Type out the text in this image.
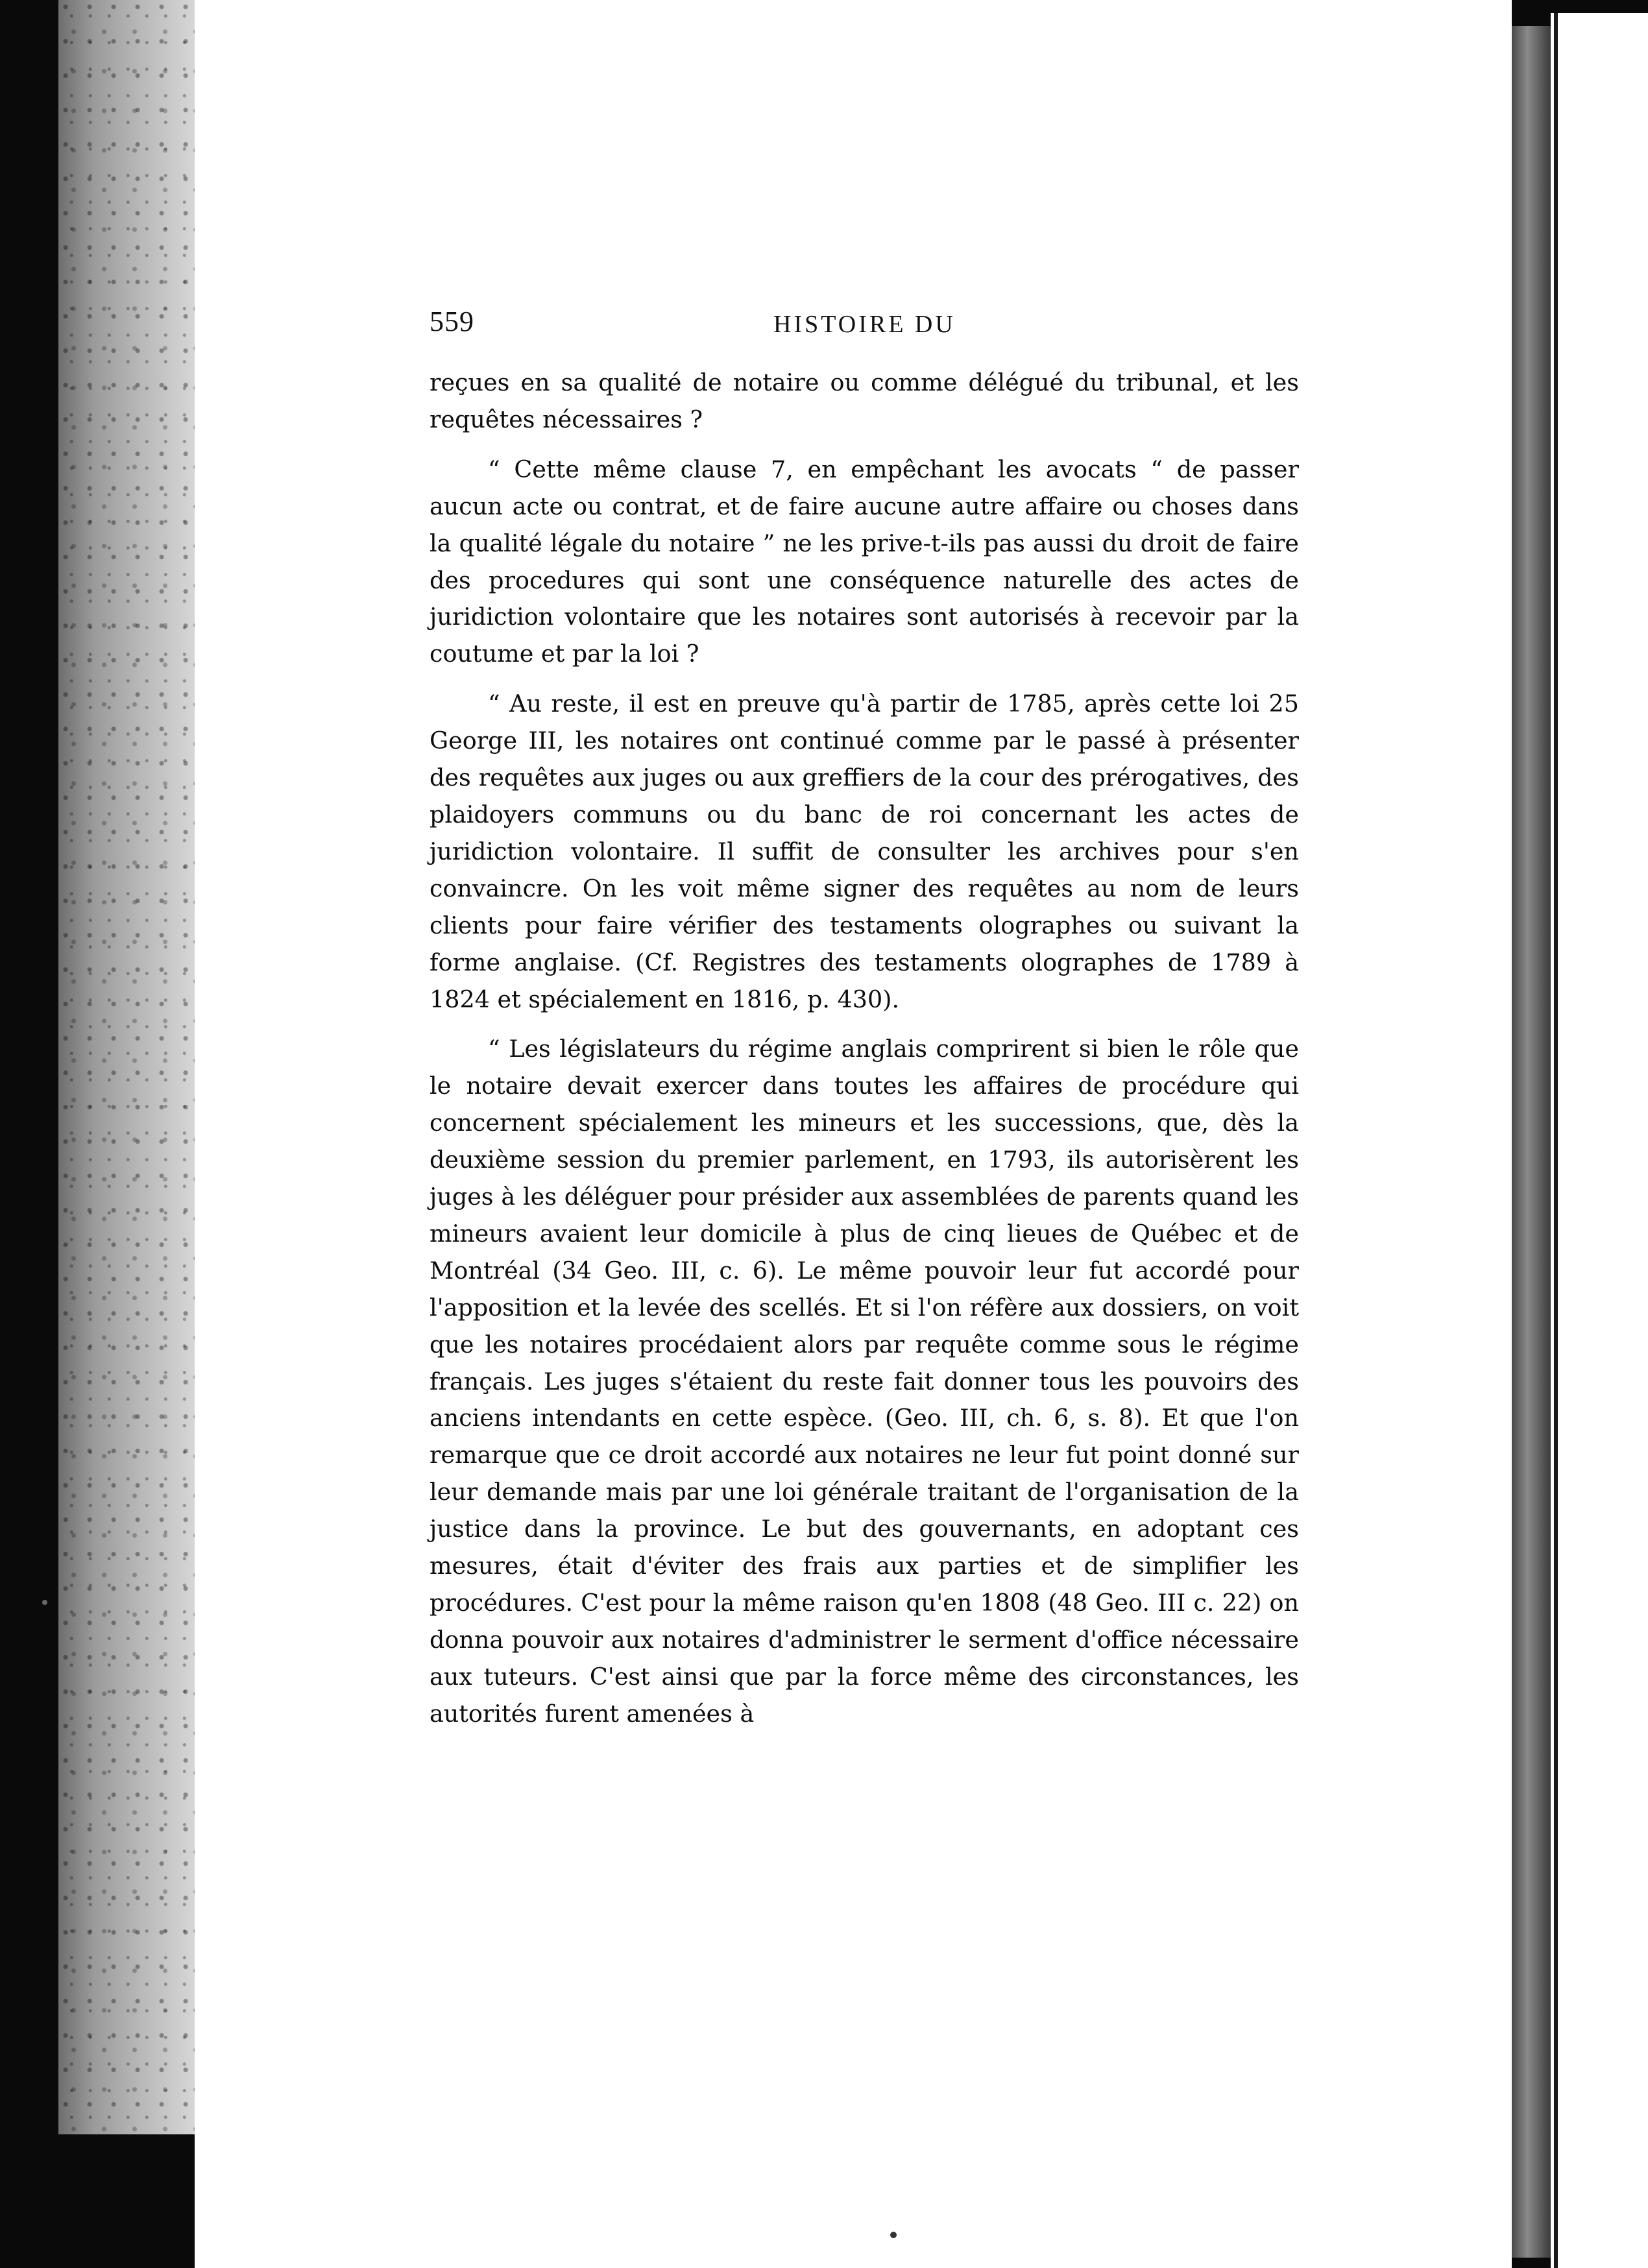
559	HISTOIRE DU

reçues en sa qualité de notaire ou comme délégué du tribunal, et les requêtes nécessaires ?

“ Cette même clause 7, en empêchant les avocats “ de passer aucun acte ou contrat, et de faire aucune autre affaire ou choses dans la qualité légale du notaire ” ne les prive-t-ils pas aussi du droit de faire des procedures qui sont une conséquence naturelle des actes de juridiction volontaire que les notaires sont autorisés à recevoir par la coutume et par la loi ?

“ Au reste, il est en preuve qu'à partir de 1785, après cette loi 25 George III, les notaires ont continué comme par le passé à présenter des requêtes aux juges ou aux greffiers de la cour des prérogatives, des plaidoyers communs ou du banc de roi concernant les actes de juridiction volontaire. Il suffit de consulter les archives pour s'en convaincre. On les voit même signer des requêtes au nom de leurs clients pour faire vérifier des testaments olographes ou suivant la forme anglaise. (Cf. Registres des testaments olographes de 1789 à 1824 et spécialement en 1816, p. 430).

“ Les législateurs du régime anglais comprirent si bien le rôle que le notaire devait exercer dans toutes les affaires de procédure qui concernent spécialement les mineurs et les successions, que, dès la deuxième session du premier parlement, en 1793, ils autorisèrent les juges à les déléguer pour présider aux assemblées de parents quand les mineurs avaient leur domicile à plus de cinq lieues de Québec et de Montréal (34 Geo. III, c. 6). Le même pouvoir leur fut accordé pour l'apposition et la levée des scellés. Et si l'on réfère aux dossiers, on voit que les notaires procédaient alors par requête comme sous le régime français. Les juges s'étaient du reste fait donner tous les pouvoirs des anciens intendants en cette espèce. (Geo. III, ch. 6, s. 8). Et que l'on remarque que ce droit accordé aux notaires ne leur fut point donné sur leur demande mais par une loi générale traitant de l'organisation de la justice dans la province. Le but des gouvernants, en adoptant ces mesures, était d'éviter des frais aux parties et de simplifier les procédures. C'est pour la même raison qu'en 1808 (48 Geo. III c. 22) on donna pouvoir aux notaires d'administrer le serment d'office nécessaire aux tuteurs. C'est ainsi que par la force même des circonstances, les autorités furent amenées à
